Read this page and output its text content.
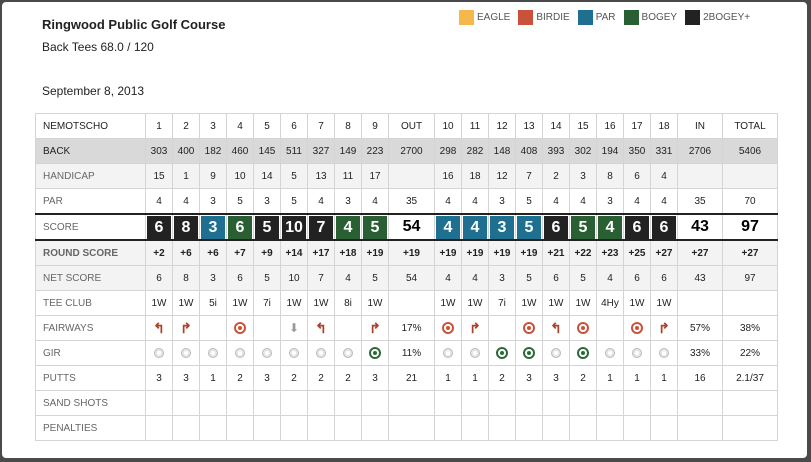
Ringwood Public Golf Course
Back Tees 68.0 / 120
September 8, 2013
EAGLE	BIRDIE	PAR	BOGEY	2BOGEY+
NEMOTSCHO	1	2	3	4	5	6	7	8	9	OUT	10	11	12	13	14	15	16	17	18	IN	TOTAL
BACK	303	400	182	460	145	511	327	149	223	2700	298	282	148	408	393	302	194	350	331	2706	5406
HANDICAP	15	1	9	10	14	5	13	11	17		16	18	12	7	2	3	8	6	4		
PAR	4	4	3	5	3	5	4	3	4	35	4	4	3	5	4	4	3	4	4	35	70
SCORE	6	8	3	6	5	10	7	4	5	54	4	4	3	5	6	5	4	6	6	43	97
ROUND SCORE	+2	+6	+6	+7	+9	+14	+17	+18	+19	+19	+19	+19	+19	+19	+21	+22	+23	+25	+27	+27	+27
NET SCORE	6	8	3	6	5	10	7	4	5	54	4	4	3	5	6	5	4	6	6	43	97
TEE CLUB	1W	1W	5i	1W	7i	1W	1W	8i	1W		1W	1W	7i	1W	1W	1W	4Hy	1W	1W		
FAIRWAYS	↰	↱				⬇	↰		↱	17%		↱			↰				↱	57%	38%
GIR										11%										33%	22%
PUTTS	3	3	1	2	3	2	2	2	3	21	1	1	2	3	3	2	1	1	1	16	2.1/37
SAND SHOTS																					
PENALTIES																					
